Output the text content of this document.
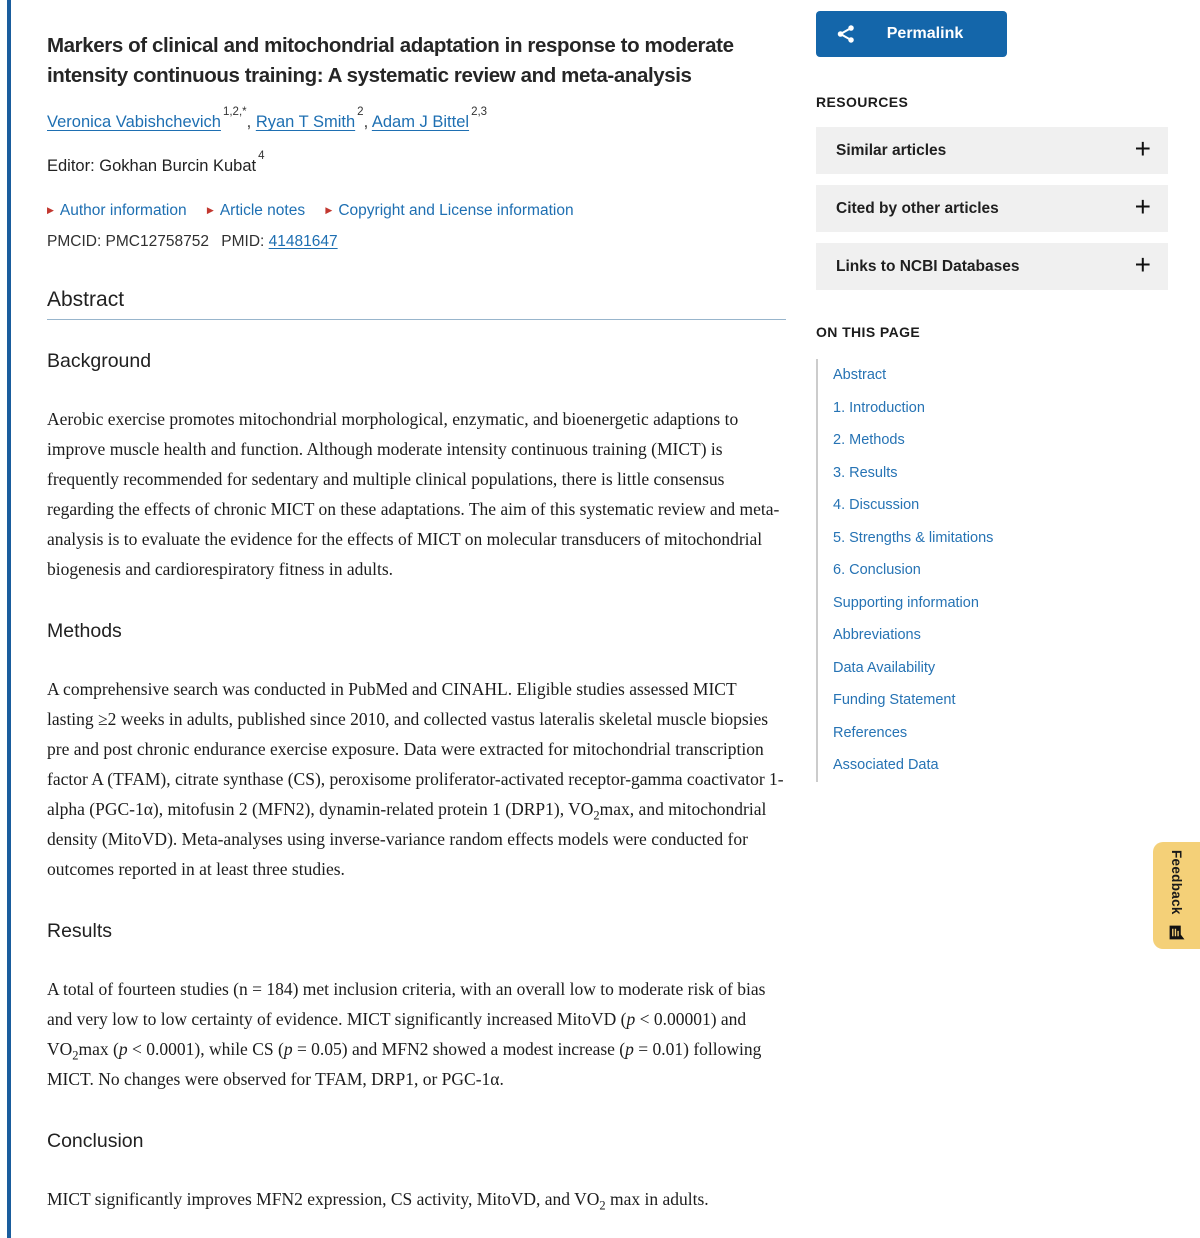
Markers of clinical and mitochondrial adaptation in response to moderate intensity continuous training: A systematic review and meta-analysis
Veronica Vabishchevich$^{1,2,*}$, Ryan T Smith$^2$, Adam J Bittel$^{2,3}$
Editor: Gokhan Burcin Kubat$^4$
▶ Author information ▶ Article notes ▶ Copyright and License information
PMCID: PMC12758752 PMID: 41481647
Abstract
Background

Aerobic exercise promotes mitochondrial morphological, enzymatic, and bioenergetic adaptions to improve muscle health and function. Although moderate intensity continuous training (MICT) is frequently recommended for sedentary and multiple clinical populations, there is little consensus regarding the effects of chronic MICT on these adaptations. The aim of this systematic review and meta-analysis is to evaluate the evidence for the effects of MICT on molecular transducers of mitochondrial biogenesis and cardiorespiratory fitness in adults.

Methods

A comprehensive search was conducted in PubMed and CINAHL. Eligible studies assessed MICT lasting ≥2 weeks in adults, published since 2010, and collected vastus lateralis skeletal muscle biopsies pre and post chronic endurance exercise exposure. Data were extracted for mitochondrial transcription factor A (TFAM), citrate synthase (CS), peroxisome proliferator-activated receptor-gamma coactivator 1-alpha (PGC-1α), mitofusin 2 (MFN2), dynamin-related protein 1 (DRP1), $VO_2\max$, and mitochondrial density (MitoVD). Meta-analyses using inverse-variance random effects models were conducted for outcomes reported in at least three studies.

Results

A total of fourteen studies (n = 184) met inclusion criteria, with an overall low to moderate risk of bias and very low to low certainty of evidence. MICT significantly increased MitoVD (p < 0.00001) and $VO_2\max$ (p < 0.0001), while CS (p = 0.05) and MFN2 showed a modest increase (p = 0.01) following MICT. No changes were observed for TFAM, DRP1, or PGC-1α.

Conclusion

MICT significantly improves MFN2 expression, CS activity, MitoVD, and $VO_2$ max in adults.

Permalink
RESOURCES
Similar articles	+
Cited by other articles	+
Links to NCBI Databases	+
ON THIS PAGE
Abstract
1. Introduction
2. Methods
3. Results
4. Discussion
5. Strengths & limitations
6. Conclusion
Supporting information
Abbreviations
Data Availability
Funding Statement
References
Associated Data
Feedback
